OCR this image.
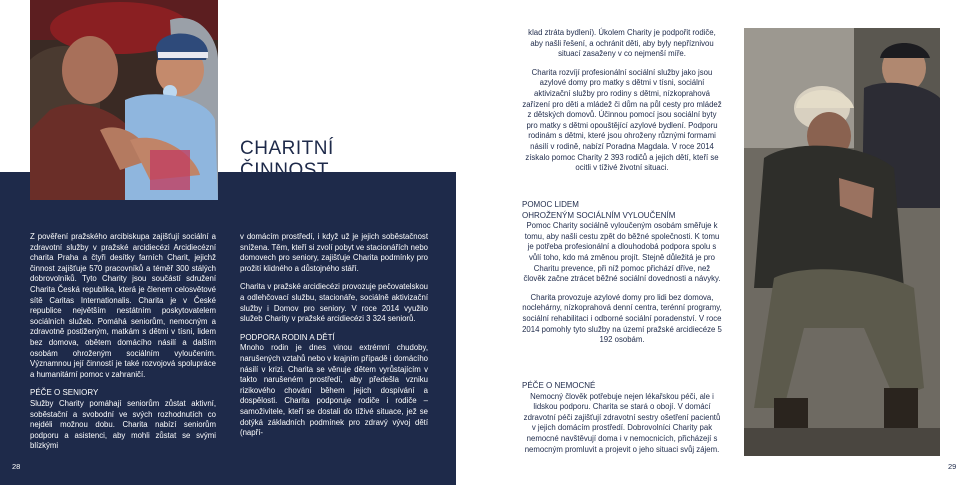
CHARITNÍ ČINNOST

Z pověření pražského arcibiskupa zajišťují sociální a zdravotní služby v pražské arcidiecézi Arcidiecézní charita Praha a čtyři desítky farních Charit, jejichž činnost zajišťuje 570 pracovníků a téměř 300 stálých dobrovolníků. Tyto Charity jsou součástí sdružení Charita Česká republika, která je členem celosvětové sítě Caritas Internationalis. Charita je v České republice největším nestátním poskytovatelem sociálních služeb. Pomáhá seniorům, nemocným a zdravotně postiženým, matkám s dětmi v tísni, lidem bez domova, obětem domácího násilí a dalším osobám ohroženým sociálním vyloučením. Významnou její činností je také rozvojová spolupráce a humanitární pomoc v zahraničí.

PÉČE O SENIORY

Služby Charity pomáhají seniorům zůstat aktivní, soběstační a svobodní ve svých rozhodnutích co nejdéli možnou dobu. Charita nabízí seniorům podporu a asistenci, aby mohli zůstat se svými blízkými

v domácím prostředí, i když už je jejich soběstačnost snížena. Těm, kteří si zvolí pobyt ve stacionářích nebo domovech pro seniory, zajišťuje Charita podmínky pro prožití klidného a důstojného stáří.

Charita v pražské arcidiecézi provozuje pečovatelskou a odlehčovací službu, stacionáře, sociálně aktivizační služby i Domov pro seniory. V roce 2014 využilo služeb Charity v pražské arcidiecézi 3 324 seniorů.

PODPORA RODIN A DĚTÍ

Mnoho rodin je dnes vinou extrémní chudoby, narušených vztahů nebo v krajním případě i domácího násilí v krizi. Charita se věnuje dětem vyrůstajícím v takto narušeném prostředí, aby předešla vzniku rizikového chování během jejich dospívání a dospělosti. Charita podporuje rodiče i rodiče – samoživitele, kteří se dostali do tíživé situace, jež se dotýká základních podmínek pro zdravý vývoj dětí (napří-

28

klad ztráta bydlení). Úkolem Charity je podpořit rodiče, aby našli řešení, a ochránit děti, aby byly nepříznivou situací zasaženy v co nejmenší míře.

Charita rozvíjí profesionální sociální služby jako jsou azylové domy pro matky s dětmi v tísni, sociální aktivizační služby pro rodiny s dětmi, nízkoprahová zařízení pro děti a mládež či dům na půl cesty pro mládež z dětských domovů. Účinnou pomocí jsou sociální byty pro matky s dětmi opouštějící azylové bydlení. Podporu rodinám s dětmi, které jsou ohroženy různými formami násilí v rodině, nabízí Poradna Magdala. V roce 2014 získalo pomoc Charity 2 393 rodičů a jejich dětí, kteří se ocitli v tíživé životní situaci.

POMOC LIDEM
OHROŽENÝM SOCIÁLNÍM VYLOUČENÍM

Pomoc Charity sociálně vyloučeným osobám směřuje k tomu, aby našli cestu zpět do běžné společnosti. K tomu je potřeba profesionální a dlouhodobá podpora spolu s vůlí toho, kdo má změnou projít. Stejně důležitá je pro Charitu prevence, při níž pomoc přichází dříve, než člověk začne ztrácet běžné sociální dovednosti a návyky.

Charita provozuje azylové domy pro lidi bez domova, noclehárny, nízkoprahová denní centra, terénní programy, sociální rehabilitaci i odborné sociální poradenství. V roce 2014 pomohly tyto služby na území pražské arcidiecéze 5 192 osobám.

PÉČE O NEMOCNÉ

Nemocný člověk potřebuje nejen lékařskou péči, ale i lidskou podporu. Charita se stará o obojí. V domácí zdravotní péči zajišťují zdravotní sestry ošetření pacientů v jejich domácím prostředí. Dobrovolníci Charity pak nemocné navštěvují doma i v nemocnicích, přicházejí s nemocným promluvit a projevit o jeho situaci svůj zájem.

29
